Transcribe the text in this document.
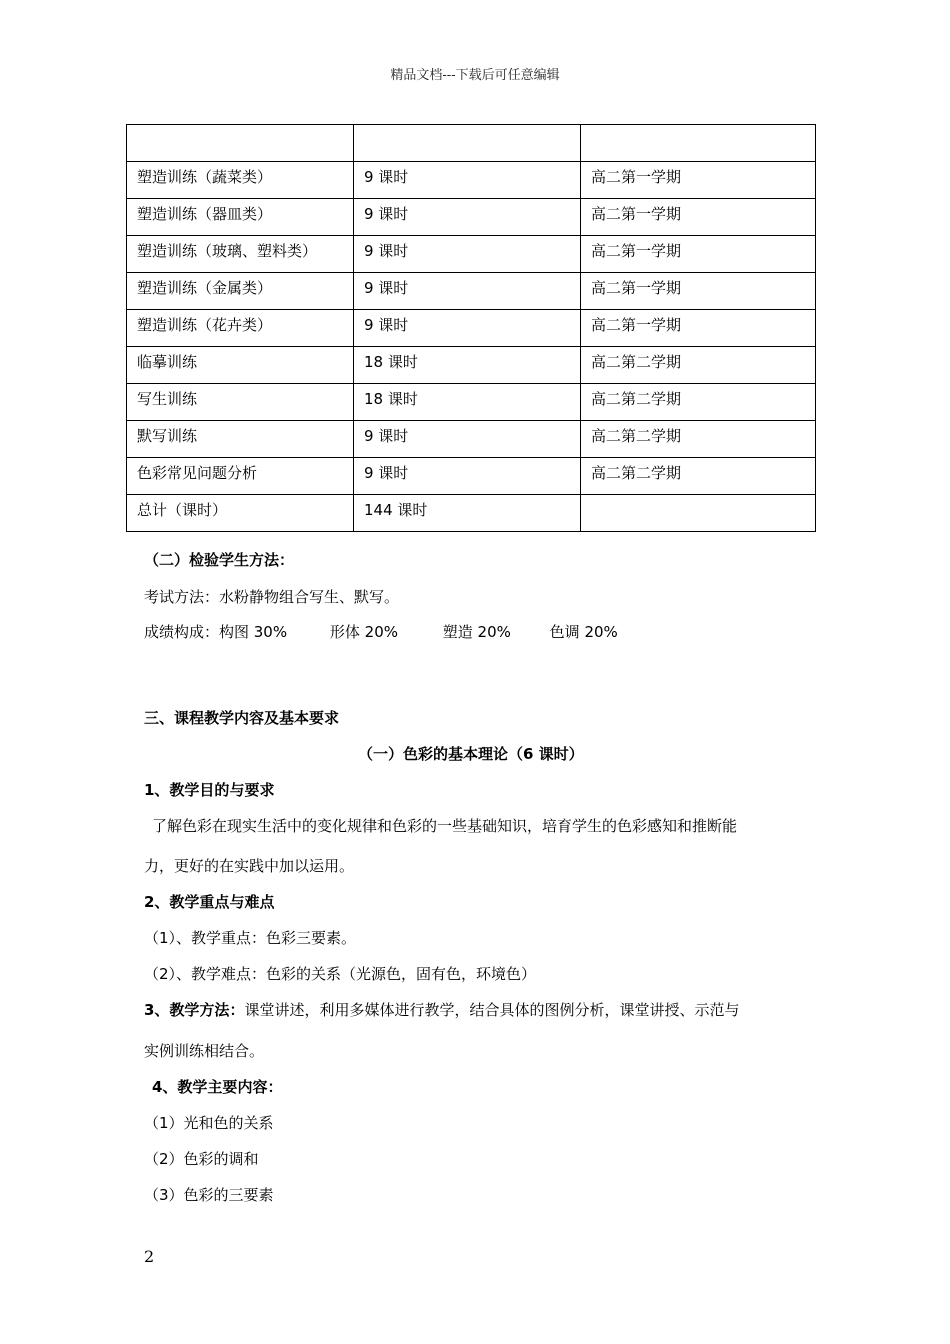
精品文档---下载后可任意编辑

塑造训练（蔬菜类）	9 课时	高二第一学期

塑造训练（器皿类）	9 课时	高二第一学期

塑造训练（玻璃、塑料类）	9 课时	高二第一学期

塑造训练（金属类）	9 课时	高二第一学期

塑造训练（花卉类）	9 课时	高二第一学期

临摹训练	18 课时	高二第二学期

写生训练	18 课时	高二第二学期

默写训练	9 课时	高二第二学期

色彩常见问题分析	9 课时	高二第二学期

总计（课时）	144 课时	

（二）检验学生方法：
考试方法：水粉静物组合写生、默写。
成绩构成：构图 30%	形体 20%	塑造 20%	色调 20%
三、课程教学内容及基本要求
（一）色彩的基本理论（6 课时）
1、教学目的与要求
了解色彩在现实生活中的变化规律和色彩的一些基础知识，培育学生的色彩感知和推断能
力，更好的在实践中加以运用。
2、教学重点与难点
（1）、教学重点：色彩三要素。
（2）、教学难点：色彩的关系（光源色，固有色，环境色）
3、教学方法：课堂讲述，利用多媒体进行教学，结合具体的图例分析，课堂讲授、示范与
实例训练相结合。
4、教学主要内容：
（1）光和色的关系
（2）色彩的调和
（3）色彩的三要素
2
